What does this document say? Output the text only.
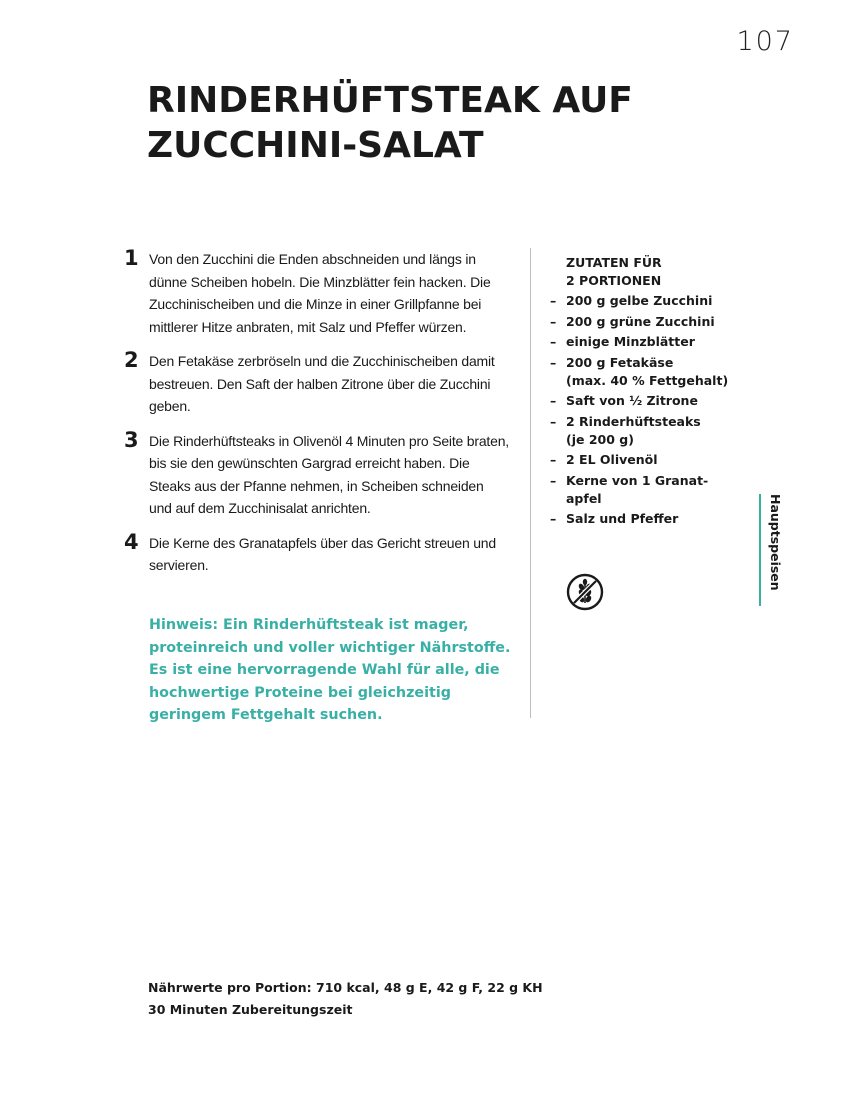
107
RINDERHÜFTSTEAK AUF
ZUCCHINI-SALAT
1 Von den Zucchini die Enden abschneiden und längs in dünne Scheiben hobeln. Die Minzblätter fein hacken. Die Zucchinischeiben und die Minze in einer Grillpfanne bei mittlerer Hitze anbraten, mit Salz und Pfeffer würzen.
2 Den Fetakäse zerbröseln und die Zucchinischeiben damit bestreuen. Den Saft der halben Zitrone über die Zucchini geben.
3 Die Rinderhüftsteaks in Olivenöl 4 Minuten pro Seite braten, bis sie den gewünschten Gargrad erreicht haben. Die Steaks aus der Pfanne nehmen, in Scheiben schneiden und auf dem Zucchinisalat anrichten.
4 Die Kerne des Granatapfels über das Gericht streuen und servieren.
Hinweis: Ein Rinderhüftsteak ist mager, proteinreich und voller wichtiger Nährstoffe. Es ist eine hervorragende Wahl für alle, die hochwertige Proteine bei gleichzeitig geringem Fettgehalt suchen.
ZUTATEN FÜR
2 PORTIONEN
– 200 g gelbe Zucchini
– 200 g grüne Zucchini
– einige Minzblätter
– 200 g Fetakäse
(max. 40 % Fettgehalt)
– Saft von ½ Zitrone
– 2 Rinderhüftsteaks
(je 200 g)
– 2 EL Olivenöl
– Kerne von 1 Granat-
apfel
– Salz und Pfeffer	Hauptspeisen
Nährwerte pro Portion: 710 kcal, 48 g E, 42 g F, 22 g KH
30 Minuten Zubereitungszeit
